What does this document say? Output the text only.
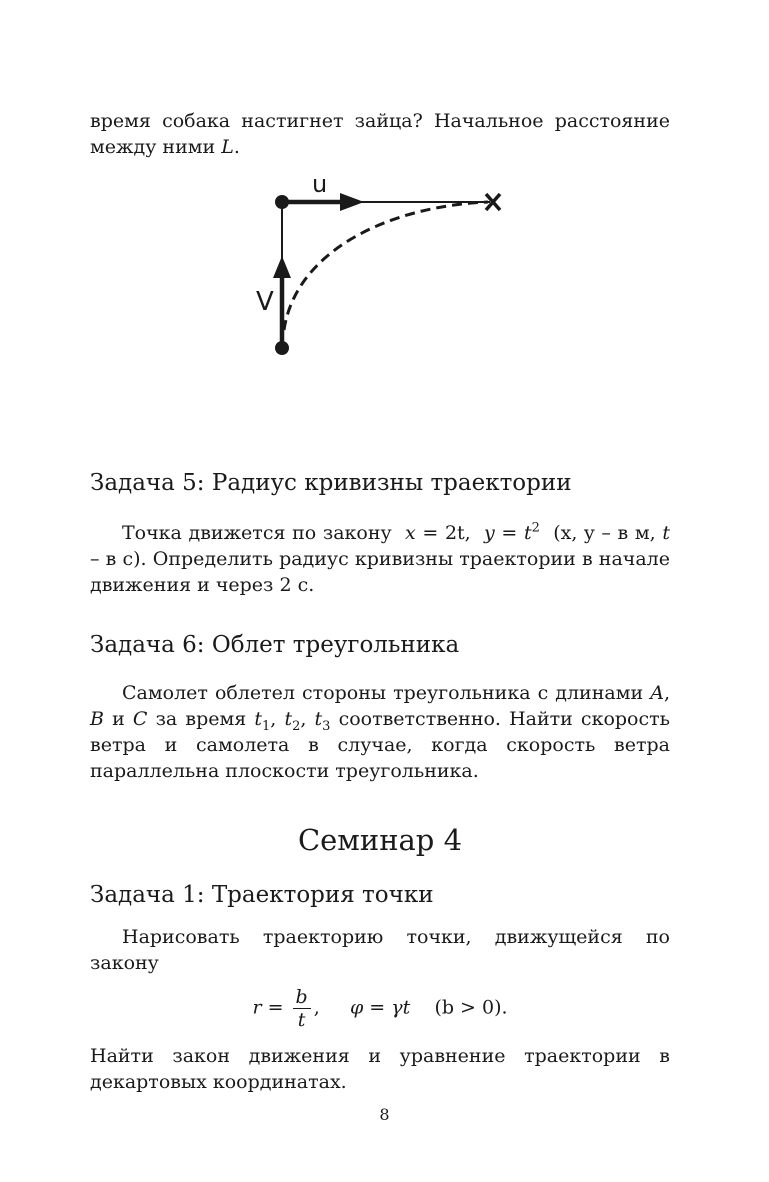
время собака настигнет зайца? Начальное расстояние между ними L.

Задача 5: Радиус кривизны траектории

Точка движется по закону x = 2t,  $y = t^2$ (x, y – в м, t – в с). Определить радиус кривизны траектории в начале движения и через 2 с.

Задача 6: Облет треугольника

Самолет облетел стороны треугольника с длинами A, B и C за время $t_1$, $t_2$, $t_3$ соответственно. Найти скорость ветра и самолета в случае, когда скорость ветра параллельна плоскости треугольника.

Семинар 4
Задача 1: Траектория точки

Нарисовать траекторию точки, движущейся по закону

$r = \frac{b}{t}$ ,     φ = γt (b > 0).

Найти закон движения и уравнение траектории в декартовых координатах.

u
V
8
